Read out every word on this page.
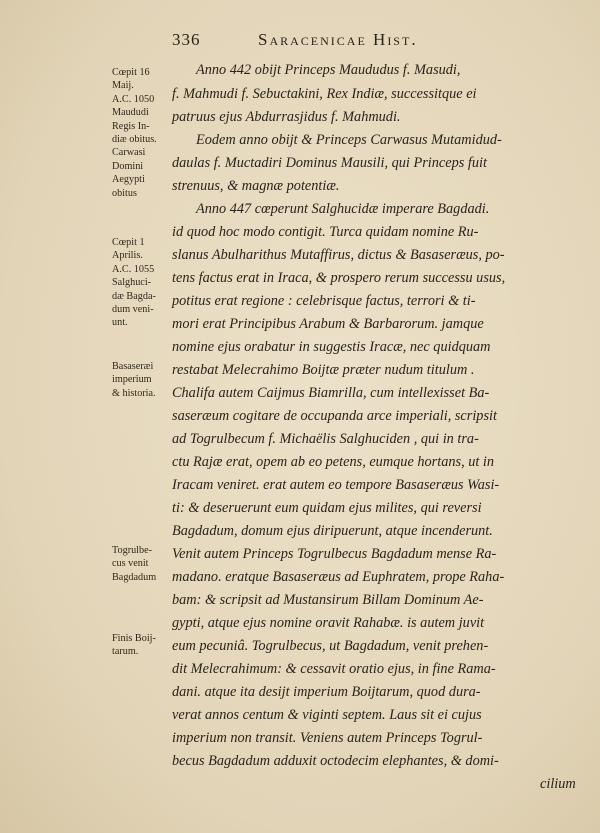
336	Saracenicae Hist.
Cœpit 16
Maij.
A.C. 1050
Maududi
Regis In-
diæ obitus.
Carwasi
Domini
Aegypti
obitus
Cœpit 1
Aprilis.
A.C. 1055
Salghuci-
dæ Bagda-
dum veni-
unt.
Basaseræi
imperium
& historia.
Togrulbe-
cus venit
Bagdadum
Finis Boij-
tarum.
Anno 442 obijt Princeps Maududus f. Masudi,
f. Mahmudi f. Sebuctakini, Rex Indiæ, successitque ei
patruus ejus Abdurrasjidus f. Mahmudi.
Eodem anno obijt & Princeps Carwasus Mutamidud-
daulas f. Muctadiri Dominus Mausili, qui Princeps fuit
strenuus, & magnæ potentiæ.
Anno 447 cœperunt Salghucidæ imperare Bagdadi.
id quod hoc modo contigit. Turca quidam nomine Ru-
slanus Abulharithus Mutaffirus, dictus & Basaseræus, po-
tens factus erat in Iraca, & prospero rerum successu usus,
potitus erat regione : celebrisque factus, terrori & ti-
mori erat Principibus Arabum & Barbarorum. jamque
nomine ejus orabatur in suggestis Iracæ, nec quidquam
restabat Melecrahimo Boijtæ præter nudum titulum .
Chalifa autem Caijmus Biamrilla, cum intellexisset Ba-
saseræum cogitare de occupanda arce imperiali, scripsit
ad Togrulbecum f. Michaëlis Salghuciden , qui in tra-
ctu Rajæ erat, opem ab eo petens, eumque hortans, ut in
Iracam veniret. erat autem eo tempore Basaseræus Wasi-
ti: & deseruerunt eum quidam ejus milites, qui reversi
Bagdadum, domum ejus diripuerunt, atque incenderunt.
Venit autem Princeps Togrulbecus Bagdadum mense Ra-
madano. eratque Basaseræus ad Euphratem, prope Raha-
bam: & scripsit ad Mustansirum Billam Dominum Ae-
gypti, atque ejus nomine oravit Rahabæ. is autem juvit
eum pecuniâ. Togrulbecus, ut Bagdadum, venit prehen-
dit Melecrahimum: & cessavit oratio ejus, in fine Rama-
dani. atque ita desijt imperium Boijtarum, quod dura-
verat annos centum & viginti septem. Laus sit ei cujus
imperium non transit. Veniens autem Princeps Togrul-
becus Bagdadum adduxit octodecim elephantes, & domi-
cilium
